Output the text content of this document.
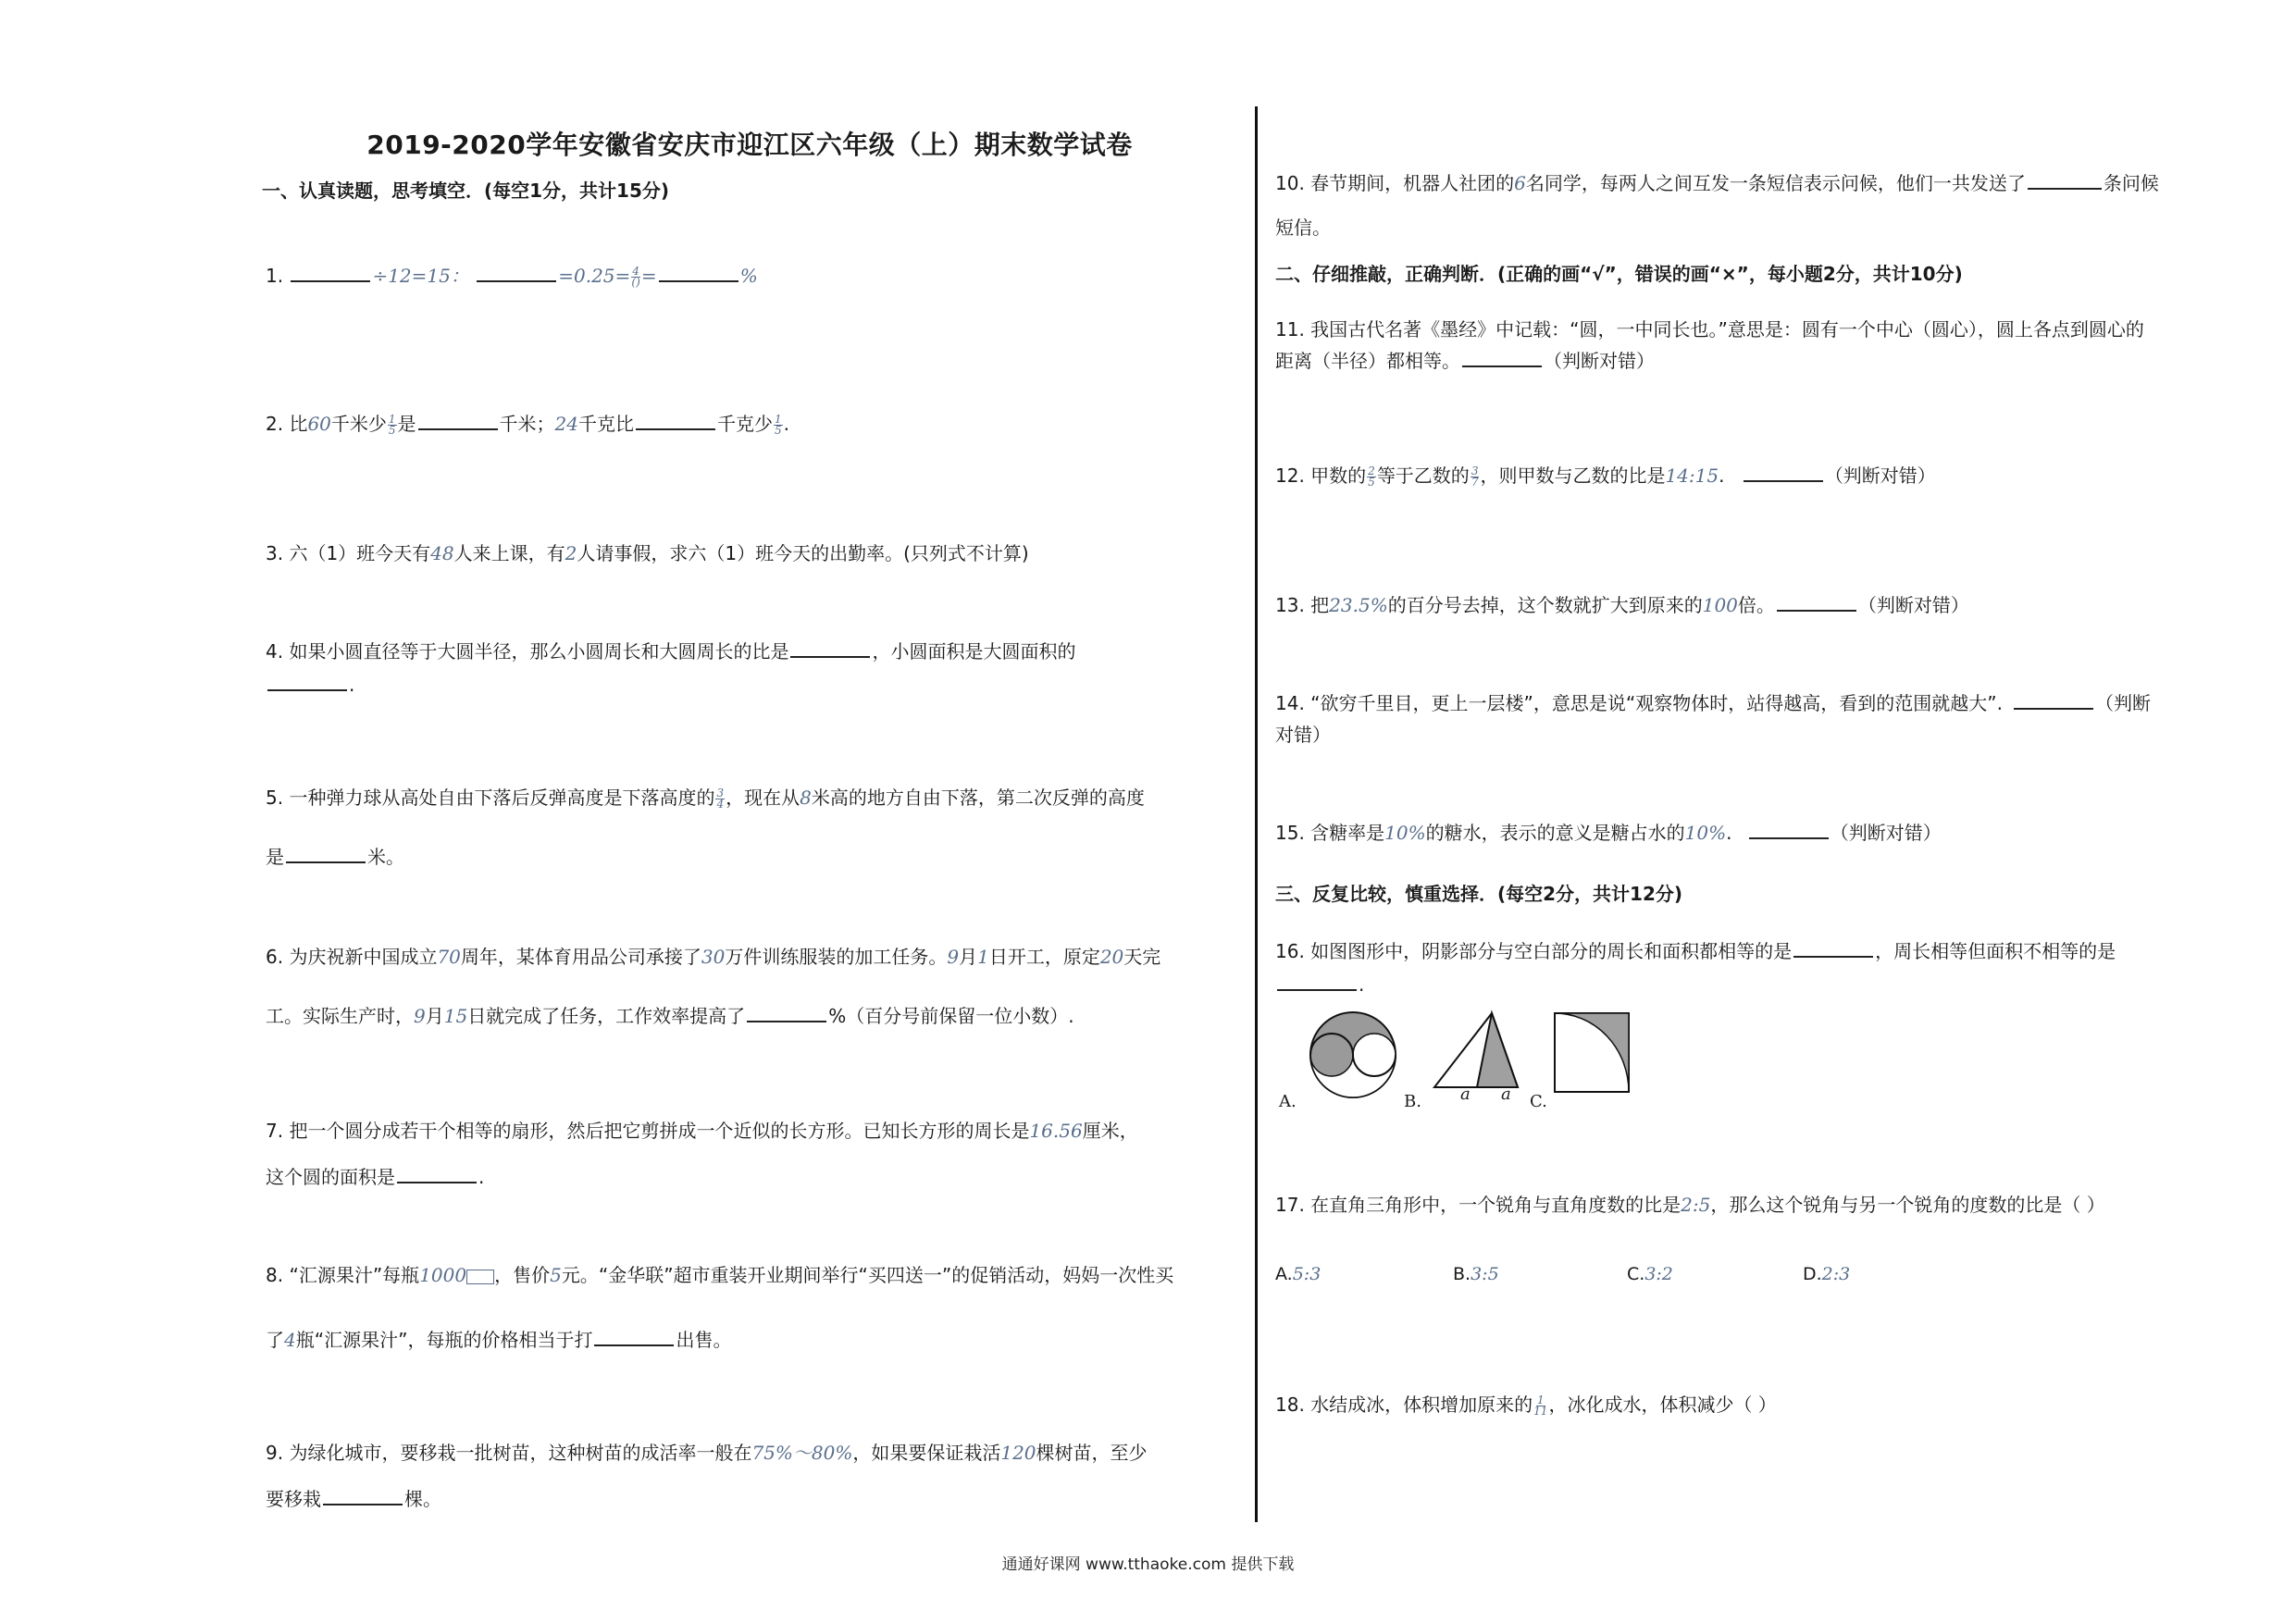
2019-2020学年安徽省安庆市迎江区六年级（上）期末数学试卷
一、认真读题，思考填空．(每空1分，共计15分)
1.	÷12=15：	$=0.25= \frac{4}{()}$ =	%
2. 比60千米少 $\frac{1}{5}$ 是	千米；24千克比	千克少 $\frac{1}{5}$ .
3. 六（1）班今天有48人来上课，有2人请事假，求六（1）班今天的出勤率。(只列式不计算)
4. 如果小圆直径等于大圆半径，那么小圆周长和大圆周长的比是	，小圆面积是大圆面积的
.
5. 一种弹力球从高处自由下落后反弹高度是下落高度的 $\frac{3}{4}$ ，现在从8米高的地方自由下落，第二次反弹的高度
是	米。
6. 为庆祝新中国成立70周年，某体育用品公司承接了30万件训练服装的加工任务。9月1日开工，原定20天完
工。实际生产时，9月15日就完成了任务，工作效率提高了	%（百分号前保留一位小数）.
7. 把一个圆分成若干个相等的扇形，然后把它剪拼成一个近似的长方形。已知长方形的周长是16.56厘米，
这个圆的面积是	.
8. “汇源果汁”每瓶1000 ，售价5元。“金华联”超市重装开业期间举行“买四送一”的促销活动，妈妈一次性买
了4瓶“汇源果汁”，每瓶的价格相当于打	出售。
9. 为绿化城市，要移栽一批树苗，这种树苗的成活率一般在75%～80%，如果要保证栽活120棵树苗，至少
要移栽	棵。
10. 春节期间，机器人社团的6名同学，每两人之间互发一条短信表示问候，他们一共发送了	条问候
短信。
二、仔细推敲，正确判断．(正确的画“√”，错误的画“×”，每小题2分，共计10分)
11. 我国古代名著《墨经》中记载：“圆，一中同长也。”意思是：圆有一个中心（圆心），圆上各点到圆心的
距离（半径）都相等。	（判断对错）
12. 甲数的 $\frac{2}{5}$ 等于乙数的 $\frac{3}{7}$ ，则甲数与乙数的比是14:15.	（判断对错）
13. 把23.5%的百分号去掉，这个数就扩大到原来的100倍。	（判断对错）
14. “欲穷千里目，更上一层楼”，意思是说“观察物体时，站得越高，看到的范围就越大”.	（判断
对错）
15. 含糖率是10%的糖水，表示的意义是糖占水的10%.	（判断对错）
三、反复比较，慎重选择．(每空2分，共计12分)
16. 如图图形中，阴影部分与空白部分的周长和面积都相等的是	，周长相等但面积不相等的是
.
A.	B.	C.
a a
17. 在直角三角形中，一个锐角与直角度数的比是2:5，那么这个锐角与另一个锐角的度数的比是（ ）
A.5:3	B.3:5	C.3:2	D.2:3
18. 水结成冰，体积增加原来的 $\frac{1}{11}$ ，冰化成水，体积减少（ ）
通通好课网 www.tthaoke.com 提供下载
